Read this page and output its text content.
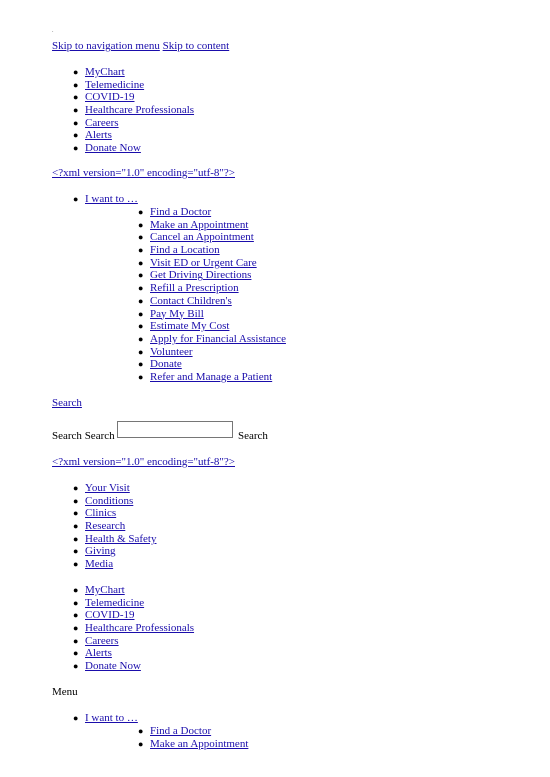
.
Skip to navigation menu Skip to content
● MyChart
● Telemedicine
● COVID-19
● Healthcare Professionals
● Careers
● Alerts
● Donate Now
<?xml version="1.0" encoding="utf-8"?>
● I want to …
● Find a Doctor
● Make an Appointment
● Cancel an Appointment
● Find a Location
● Visit ED or Urgent Care
● Get Driving Directions
● Refill a Prescription
● Contact Children's
● Pay My Bill
● Estimate My Cost
● Apply for Financial Assistance
● Volunteer
● Donate
● Refer and Manage a Patient
Search
Search Search	Search
<?xml version="1.0" encoding="utf-8"?>
● Your Visit
● Conditions
● Clinics
● Research
● Health & Safety
● Giving
● Media
● MyChart
● Telemedicine
● COVID-19
● Healthcare Professionals
● Careers
● Alerts
● Donate Now
Menu
● I want to …
● Find a Doctor
● Make an Appointment
